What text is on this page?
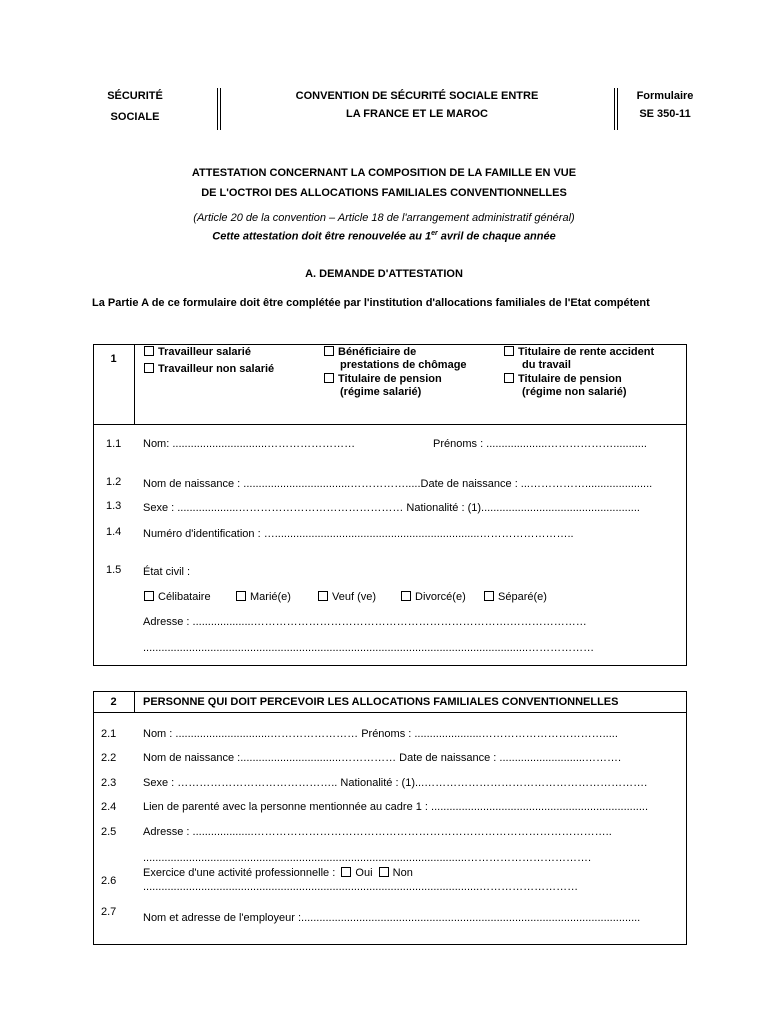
SÉCURITÉ
SOCIALE
CONVENTION DE SÉCURITÉ SOCIALE ENTRE
LA FRANCE ET LE MAROC
Formulaire
SE 350-11
ATTESTATION CONCERNANT LA COMPOSITION DE LA FAMILLE EN VUE
DE L'OCTROI DES ALLOCATIONS FAMILIALES CONVENTIONNELLES
(Article 20 de la convention – Article 18 de l'arrangement administratif général)
Cette attestation doit être renouvelée au 1er avril de chaque année
A. DEMANDE D'ATTESTATION
La Partie A de ce formulaire doit être complétée par l'institution d'allocations familiales de l'Etat compétent
1
Travailleur salarié
Travailleur non salarié
Bénéficiaire de
prestations de chômage
Titulaire de pension
(régime salarié)
Titulaire de rente accident
du travail
Titulaire de pension
(régime non salarié)
1.1 Nom: ...............................……………………	Prénoms : ....................………………...........
1.2 Nom de naissance : ...................................…………….....Date de naissance : ...……………......................
1.3 Sexe : ....................……………………………………… Nationalité : (1)....................................................
1.4 Numéro d'identification : …...................................................................……………………..
1.5 État civil :
Célibataire	Marié(e)	Veuf (ve)	Divorcé(e)	Séparé(e)
Adresse : ....................…………………………………………………………….…………………
..............................................................................................................................………………
2	PERSONNE QUI DOIT PERCEVOIR LES ALLOCATIONS FAMILIALES CONVENTIONNELLES
2.1 Nom : ...............................…………………… Prénoms : ......................…………………………….....
2.2 Nom de naissance :.................................…………… Date de naissance : ............................……….
2.3 Sexe : …………………………………….. Nationalité : (1)...…………………………………………………….
2.4 Lien de parenté avec la personne mentionnée au cadre 1 : .......................................................................
2.5 Adresse : ....................……………………………………………………………………………………..
..........................................................................................................…………………………….
2.6
Exercice d'une activité professionnelle : Oui Non
..............................................................................................................………………………
2.7 Nom et adresse de l'employeur :...............................................................................................................
